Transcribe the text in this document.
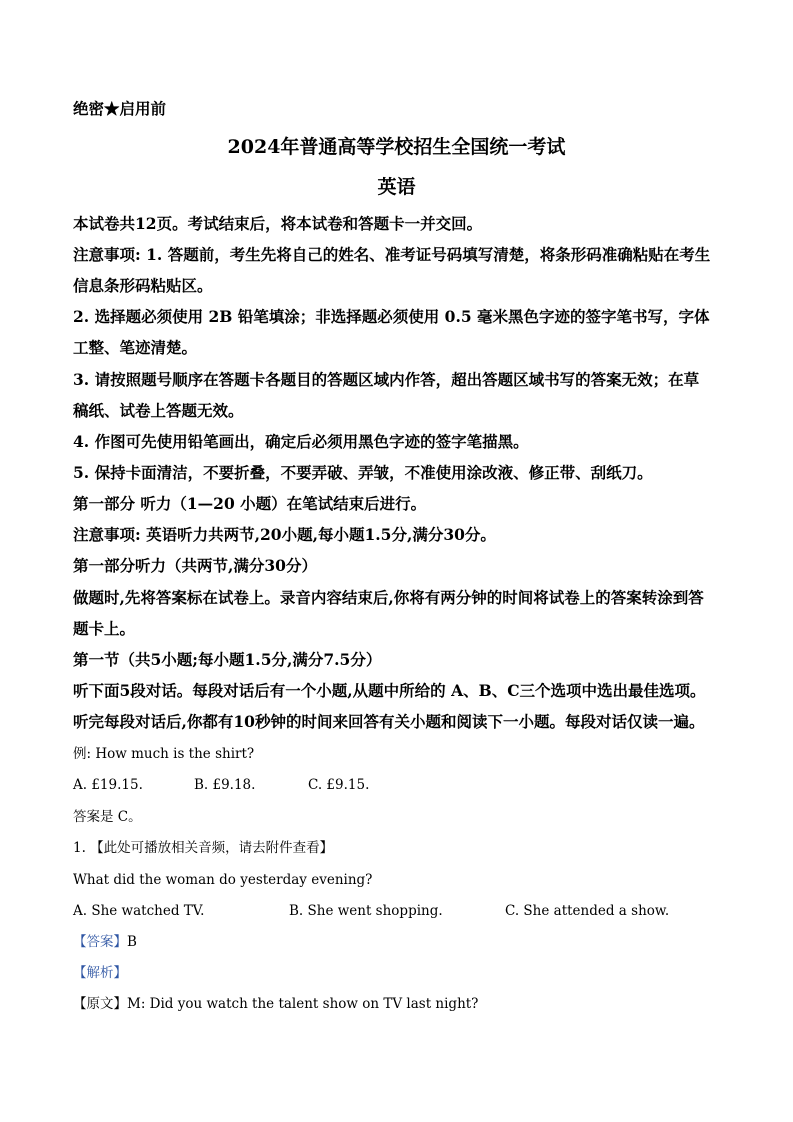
绝密★启用前
2024年普通高等学校招生全国统一考试
英语
本试卷共12页。考试结束后，将本试卷和答题卡一并交回。
注意事项: 1. 答题前，考生先将自己的姓名、准考证号码填写清楚，将条形码准确粘贴在考生
信息条形码粘贴区。
2. 选择题必须使用 2B 铅笔填涂；非选择题必须使用 0.5 毫米黑色字迹的签字笔书写，字体
工整、笔迹清楚。
3. 请按照题号顺序在答题卡各题目的答题区域内作答，超出答题区域书写的答案无效；在草
稿纸、试卷上答题无效。
4. 作图可先使用铅笔画出，确定后必须用黑色字迹的签字笔描黑。
5. 保持卡面清洁，不要折叠，不要弄破、弄皱，不准使用涂改液、修正带、刮纸刀。
第一部分 听力（1—20 小题）在笔试结束后进行。
注意事项: 英语听力共两节,20小题,每小题1.5分,满分30分。
第一部分听力（共两节,满分30分）
做题时,先将答案标在试卷上。录音内容结束后,你将有两分钟的时间将试卷上的答案转涂到答
题卡上。
第一节（共5小题;每小题1.5分,满分7.5分）
听下面5段对话。每段对话后有一个小题,从题中所给的 A、B、C三个选项中选出最佳选项。
听完每段对话后,你都有10秒钟的时间来回答有关小题和阅读下一小题。每段对话仅读一遍。
例: How much is the shirt?
A. £19.15.	B. £9.18.	C. £9.15.
答案是 C。
1. 【此处可播放相关音频，请去附件查看】
What did the woman do yesterday evening?
A. She watched TV.	B. She went shopping.	C. She attended a show.
【答案】B
【解析】
【原文】M: Did you watch the talent show on TV last night?
